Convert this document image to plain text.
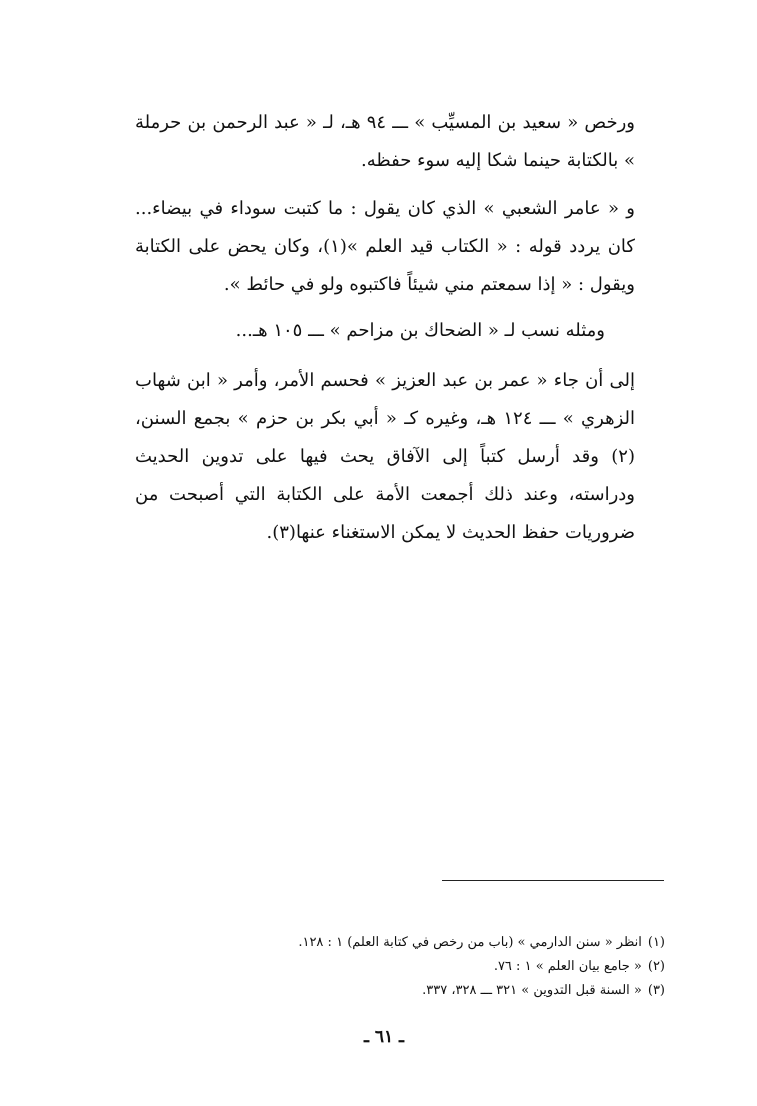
ورخص « سعيد بن المسيِّب » ـــ ٩٤ هـ، لـ « عبد الرحمن بن حرملة » بالكتابة حينما شكا إليه سوء حفظه.

و « عامر الشعبي » الذي كان يقول : ما كتبت سوداء في بيضاء... كان يردد قوله : « الكتاب قيد العلم »(١)، وكان يحض على الكتابة ويقول : « إذا سمعتم مني شيئاً فاكتبوه ولو في حائط ».

ومثله نسب لـ « الضحاك بن مزاحم » ـــ ١٠٥ هـ...

إلى أن جاء « عمر بن عبد العزيز » فحسم الأمر، وأمر « ابن شهاب الزهري » ـــ ١٢٤ هـ، وغيره كـ « أبي بكر بن حزم » بجمع السنن،(٢) وقد أرسل كتباً إلى الآفاق يحث فيها على تدوين الحديث ودراسته، وعند ذلك أجمعت الأمة على الكتابة التي أصبحت من ضروريات حفظ الحديث لا يمكن الاستغناء عنها(٣).

(١)انظر « سنن الدارمي » (باب من رخص في كتابة العلم) ١ : ١٢٨.

(٢)« جامع بيان العلم » ١ : ٧٦.

(٣)« السنة قبل التدوين » ٣٢١ ـــ ٣٢٨، ٣٣٧.

ـ ٦١ ـ
